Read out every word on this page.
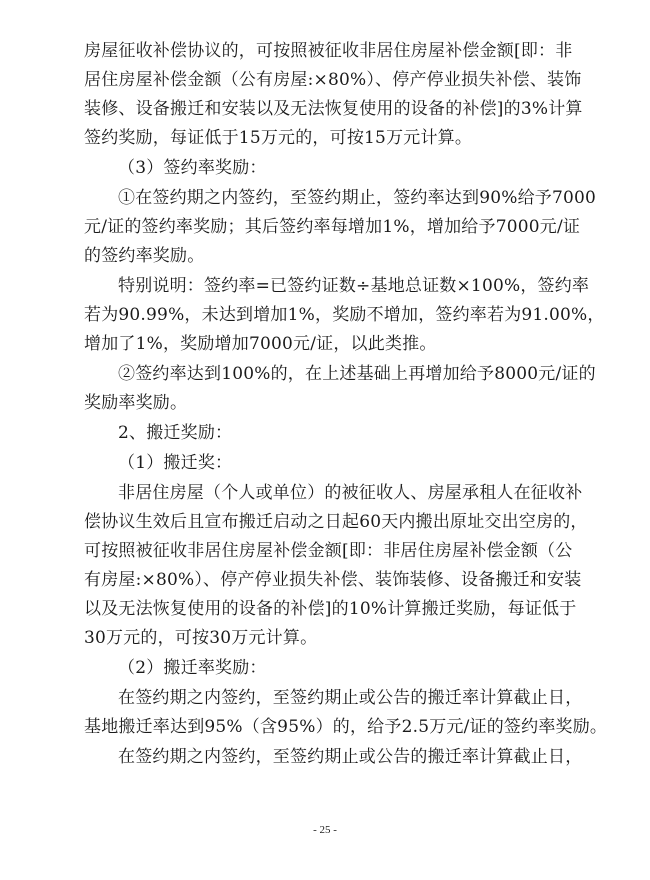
房屋征收补偿协议的，可按照被征收非居住房屋补偿金额[即：非
居住房屋补偿金额（公有房屋:×80%）、停产停业损失补偿、装饰
装修、设备搬迁和安装以及无法恢复使用的设备的补偿]的3%计算
签约奖励，每证低于15万元的，可按15万元计算。
（3）签约率奖励：
①在签约期之内签约，至签约期止，签约率达到90%给予7000
元/证的签约率奖励；其后签约率每增加1%，增加给予7000元/证
的签约率奖励。
特别说明：签约率=已签约证数÷基地总证数×100%，签约率
若为90.99%，未达到增加1%，奖励不增加，签约率若为91.00%，
增加了1%，奖励增加7000元/证，以此类推。
②签约率达到100%的，在上述基础上再增加给予8000元/证的
奖励率奖励。
2、搬迁奖励：
（1）搬迁奖：
非居住房屋（个人或单位）的被征收人、房屋承租人在征收补
偿协议生效后且宣布搬迁启动之日起60天内搬出原址交出空房的，
可按照被征收非居住房屋补偿金额[即：非居住房屋补偿金额（公
有房屋:×80%）、停产停业损失补偿、装饰装修、设备搬迁和安装
以及无法恢复使用的设备的补偿]的10%计算搬迁奖励，每证低于
30万元的，可按30万元计算。
（2）搬迁率奖励：
在签约期之内签约，至签约期止或公告的搬迁率计算截止日，
基地搬迁率达到95%（含95%）的，给予2.5万元/证的签约率奖励。
在签约期之内签约，至签约期止或公告的搬迁率计算截止日，
- 25 -
